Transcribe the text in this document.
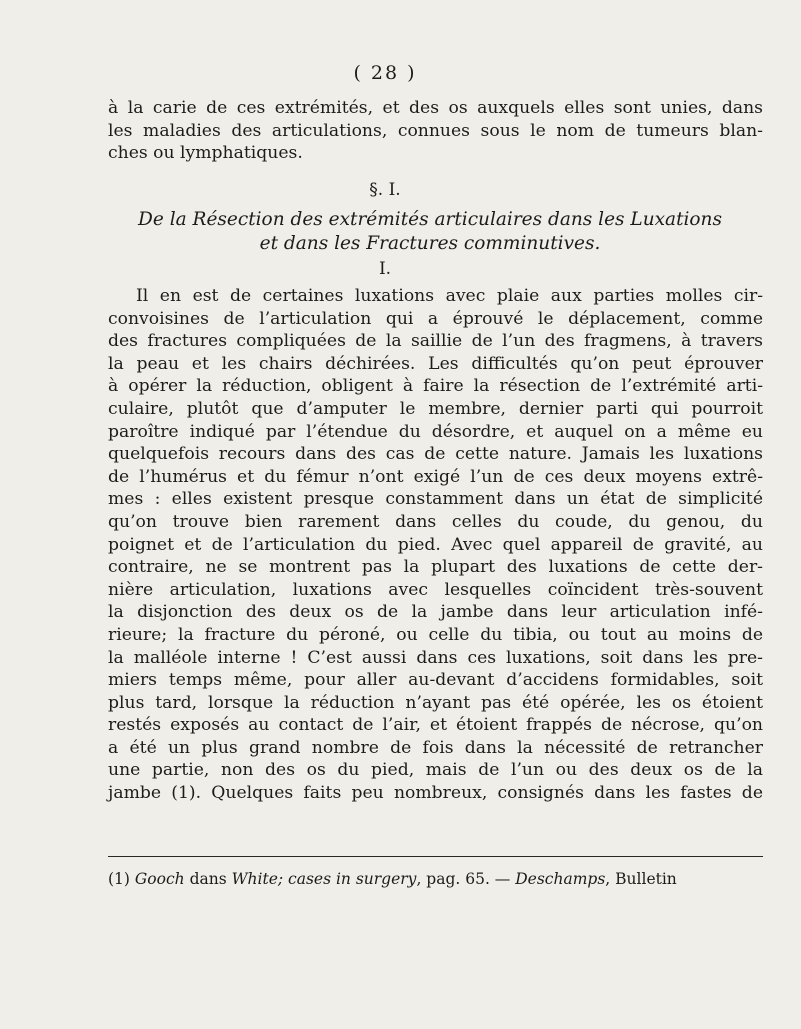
( 28 )
à la carie de ces extrémités, et des os auxquels elles sont unies, dans
les maladies des articulations, connues sous le nom de tumeurs blan-
ches ou lymphatiques.
§. I.
De la Résection des extrémités articulaires dans les Luxations
et dans les Fractures comminutives.
I.
Il en est de certaines luxations avec plaie aux parties molles cir-
convoisines de l’articulation qui a éprouvé le déplacement, comme
des fractures compliquées de la saillie de l’un des fragmens, à travers
la peau et les chairs déchirées. Les difficultés qu’on peut éprouver
à opérer la réduction, obligent à faire la résection de l’extrémité arti-
culaire, plutôt que d’amputer le membre, dernier parti qui pourroit
paroître indiqué par l’étendue du désordre, et auquel on a même eu
quelquefois recours dans des cas de cette nature. Jamais les luxations
de l’humérus et du fémur n’ont exigé l’un de ces deux moyens extrê-
mes : elles existent presque constamment dans un état de simplicité
qu’on trouve bien rarement dans celles du coude, du genou, du
poignet et de l’articulation du pied. Avec quel appareil de gravité, au
contraire, ne se montrent pas la plupart des luxations de cette der-
nière articulation, luxations avec lesquelles coïncident très-souvent
la disjonction des deux os de la jambe dans leur articulation infé-
rieure; la fracture du péroné, ou celle du tibia, ou tout au moins de
la malléole interne ! C’est aussi dans ces luxations, soit dans les pre-
miers temps même, pour aller au-devant d’accidens formidables, soit
plus tard, lorsque la réduction n’ayant pas été opérée, les os étoient
restés exposés au contact de l’air, et étoient frappés de nécrose, qu’on
a été un plus grand nombre de fois dans la nécessité de retrancher
une partie, non des os du pied, mais de l’un ou des deux os de la
jambe (1). Quelques faits peu nombreux, consignés dans les fastes de
(1) Gooch dans White; cases in surgery, pag. 65. — Deschamps, Bulletin
